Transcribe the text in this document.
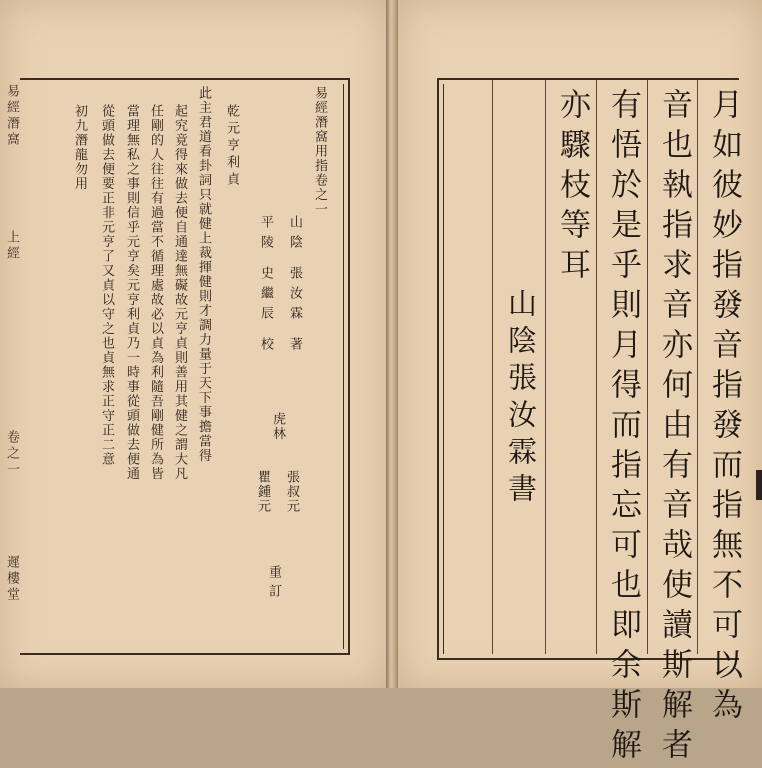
易經潛窩
上經
卷之一
遲樓堂
易經潛窩用指卷之一
山陰 張汝霖 著
平陵 史繼辰 校
虎林
張叔元
瞿鍾元
重訂
乾元亨利貞
此主君道看卦詞只就健上裁揮健則才調力量于天下事擔當得
起究竟得來做去便自通達無礙故元亨貞則善用其健之謂大凡
任剛的人往往有過當不循理處故必以貞為利隨吾剛健所為皆
當理無私之事則信乎元亨矣元亨利貞乃一時事從頭做去便通
從頭做去便要正非元亨了又貞以守之也貞無求正守正二意
初九潛龍勿用	月如彼妙指發音指發而指無不可以為
音也執指求音亦何由有音哉使讀斯解者
有悟於是乎則月得而指忘可也即余斯解
亦驟枝等耳
山陰張汝霖書
